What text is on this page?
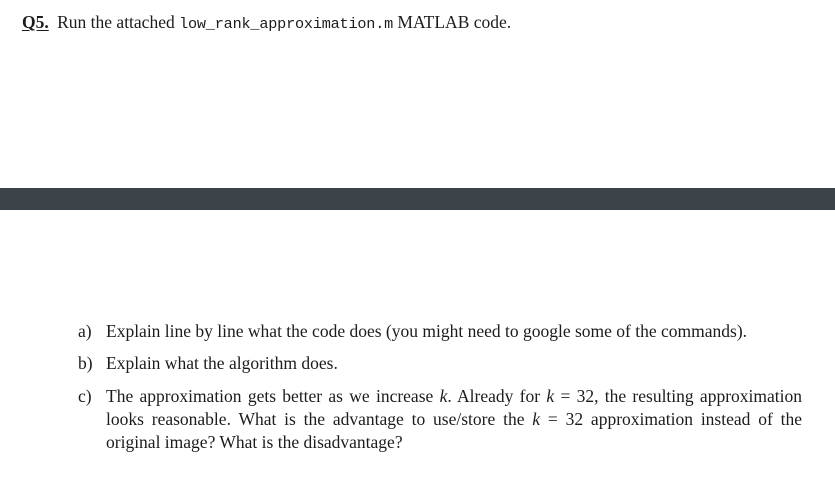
Q5. Run the attached low_rank_approximation.m MATLAB code.
a) Explain line by line what the code does (you might need to google some of the commands).
b) Explain what the algorithm does.
c) The approximation gets better as we increase k. Already for k = 32, the resulting approximation looks reasonable. What is the advantage to use/store the k = 32 approximation instead of the original image? What is the disadvantage?
